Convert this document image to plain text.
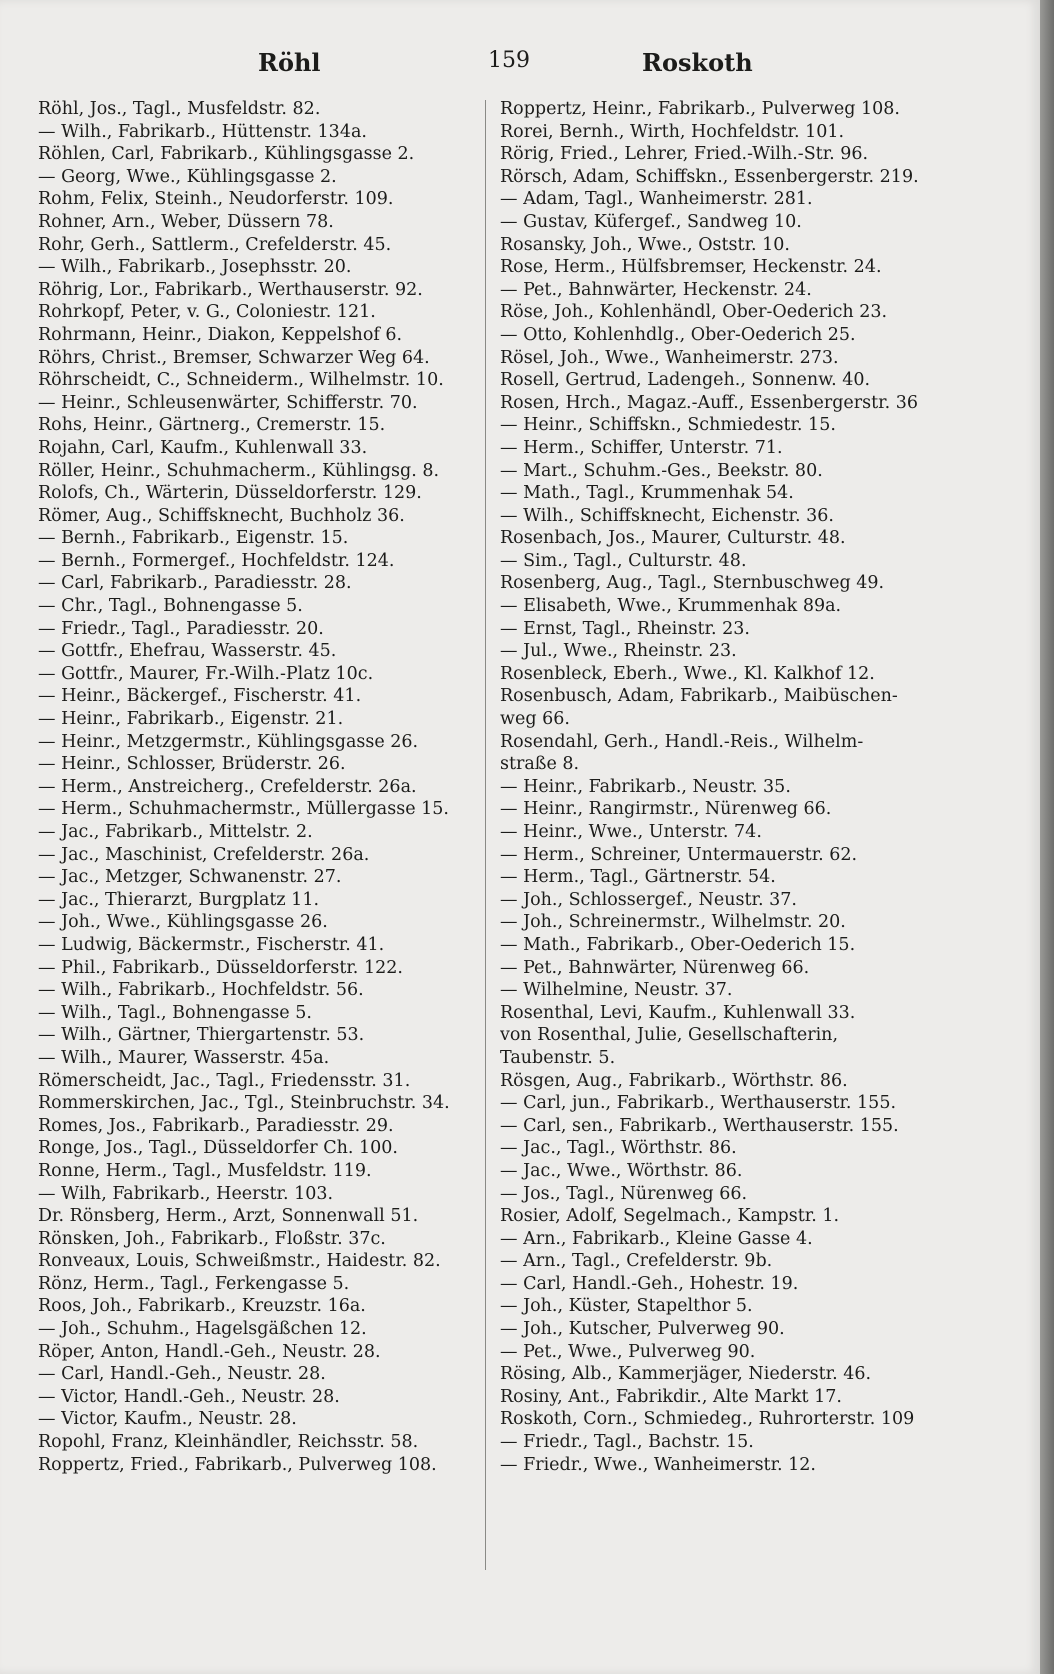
Röhl	159	Roskoth
Röhl, Jos., Tagl., Musfeldstr. 82.
— Wilh., Fabrikarb., Hüttenstr. 134a.
Röhlen, Carl, Fabrikarb., Kühlingsgasse 2.
— Georg, Wwe., Kühlingsgasse 2.
Rohm, Felix, Steinh., Neudorferstr. 109.
Rohner, Arn., Weber, Düssern 78.
Rohr, Gerh., Sattlerm., Crefelderstr. 45.
— Wilh., Fabrikarb., Josephsstr. 20.
Röhrig, Lor., Fabrikarb., Werthauserstr. 92.
Rohrkopf, Peter, v. G., Coloniestr. 121.
Rohrmann, Heinr., Diakon, Keppelshof 6.
Röhrs, Christ., Bremser, Schwarzer Weg 64.
Röhrscheidt, C., Schneiderm., Wilhelmstr. 10.
— Heinr., Schleusenwärter, Schifferstr. 70.
Rohs, Heinr., Gärtnerg., Cremerstr. 15.
Rojahn, Carl, Kaufm., Kuhlenwall 33.
Röller, Heinr., Schuhmacherm., Kühlingsg. 8.
Rolofs, Ch., Wärterin, Düsseldorferstr. 129.
Römer, Aug., Schiffsknecht, Buchholz 36.
— Bernh., Fabrikarb., Eigenstr. 15.
— Bernh., Formergef., Hochfeldstr. 124.
— Carl, Fabrikarb., Paradiesstr. 28.
— Chr., Tagl., Bohnengasse 5.
— Friedr., Tagl., Paradiesstr. 20.
— Gottfr., Ehefrau, Wasserstr. 45.
— Gottfr., Maurer, Fr.-Wilh.-Platz 10c.
— Heinr., Bäckergef., Fischerstr. 41.
— Heinr., Fabrikarb., Eigenstr. 21.
— Heinr., Metzgermstr., Kühlingsgasse 26.
— Heinr., Schlosser, Brüderstr. 26.
— Herm., Anstreicherg., Crefelderstr. 26a.
— Herm., Schuhmachermstr., Müllergasse 15.
— Jac., Fabrikarb., Mittelstr. 2.
— Jac., Maschinist, Crefelderstr. 26a.
— Jac., Metzger, Schwanenstr. 27.
— Jac., Thierarzt, Burgplatz 11.
— Joh., Wwe., Kühlingsgasse 26.
— Ludwig, Bäckermstr., Fischerstr. 41.
— Phil., Fabrikarb., Düsseldorferstr. 122.
— Wilh., Fabrikarb., Hochfeldstr. 56.
— Wilh., Tagl., Bohnengasse 5.
— Wilh., Gärtner, Thiergartenstr. 53.
— Wilh., Maurer, Wasserstr. 45a.
Römerscheidt, Jac., Tagl., Friedensstr. 31.
Rommerskirchen, Jac., Tgl., Steinbruchstr. 34.
Romes, Jos., Fabrikarb., Paradiesstr. 29.
Ronge, Jos., Tagl., Düsseldorfer Ch. 100.
Ronne, Herm., Tagl., Musfeldstr. 119.
— Wilh, Fabrikarb., Heerstr. 103.
Dr. Rönsberg, Herm., Arzt, Sonnenwall 51.
Rönsken, Joh., Fabrikarb., Floßstr. 37c.
Ronveaux, Louis, Schweißmstr., Haidestr. 82.
Rönz, Herm., Tagl., Ferkengasse 5.
Roos, Joh., Fabrikarb., Kreuzstr. 16a.
— Joh., Schuhm., Hagelsgäßchen 12.
Röper, Anton, Handl.-Geh., Neustr. 28.
— Carl, Handl.-Geh., Neustr. 28.
— Victor, Handl.-Geh., Neustr. 28.
— Victor, Kaufm., Neustr. 28.
Ropohl, Franz, Kleinhändler, Reichsstr. 58.
Roppertz, Fried., Fabrikarb., Pulverweg 108.
Roppertz, Heinr., Fabrikarb., Pulverweg 108.
Rorei, Bernh., Wirth, Hochfeldstr. 101.
Rörig, Fried., Lehrer, Fried.-Wilh.-Str. 96.
Rörsch, Adam, Schiffskn., Essenbergerstr. 219.
— Adam, Tagl., Wanheimerstr. 281.
— Gustav, Küfergef., Sandweg 10.
Rosansky, Joh., Wwe., Oststr. 10.
Rose, Herm., Hülfsbremser, Heckenstr. 24.
— Pet., Bahnwärter, Heckenstr. 24.
Röse, Joh., Kohlenhändl, Ober-Oederich 23.
— Otto, Kohlenhdlg., Ober-Oederich 25.
Rösel, Joh., Wwe., Wanheimerstr. 273.
Rosell, Gertrud, Ladengeh., Sonnenw. 40.
Rosen, Hrch., Magaz.-Auff., Essenbergerstr. 36
— Heinr., Schiffskn., Schmiedestr. 15.
— Herm., Schiffer, Unterstr. 71.
— Mart., Schuhm.-Ges., Beekstr. 80.
— Math., Tagl., Krummenhak 54.
— Wilh., Schiffsknecht, Eichenstr. 36.
Rosenbach, Jos., Maurer, Culturstr. 48.
— Sim., Tagl., Culturstr. 48.
Rosenberg, Aug., Tagl., Sternbuschweg 49.
— Elisabeth, Wwe., Krummenhak 89a.
— Ernst, Tagl., Rheinstr. 23.
— Jul., Wwe., Rheinstr. 23.
Rosenbleck, Eberh., Wwe., Kl. Kalkhof 12.
Rosenbusch, Adam, Fabrikarb., Maibüschen-
weg 66.
Rosendahl, Gerh., Handl.-Reis., Wilhelm-
straße 8.
— Heinr., Fabrikarb., Neustr. 35.
— Heinr., Rangirmstr., Nürenweg 66.
— Heinr., Wwe., Unterstr. 74.
— Herm., Schreiner, Untermauerstr. 62.
— Herm., Tagl., Gärtnerstr. 54.
— Joh., Schlossergef., Neustr. 37.
— Joh., Schreinermstr., Wilhelmstr. 20.
— Math., Fabrikarb., Ober-Oederich 15.
— Pet., Bahnwärter, Nürenweg 66.
— Wilhelmine, Neustr. 37.
Rosenthal, Levi, Kaufm., Kuhlenwall 33.
von Rosenthal, Julie, Gesellschafterin,
Taubenstr. 5.
Rösgen, Aug., Fabrikarb., Wörthstr. 86.
— Carl, jun., Fabrikarb., Werthauserstr. 155.
— Carl, sen., Fabrikarb., Werthauserstr. 155.
— Jac., Tagl., Wörthstr. 86.
— Jac., Wwe., Wörthstr. 86.
— Jos., Tagl., Nürenweg 66.
Rosier, Adolf, Segelmach., Kampstr. 1.
— Arn., Fabrikarb., Kleine Gasse 4.
— Arn., Tagl., Crefelderstr. 9b.
— Carl, Handl.-Geh., Hohestr. 19.
— Joh., Küster, Stapelthor 5.
— Joh., Kutscher, Pulverweg 90.
— Pet., Wwe., Pulverweg 90.
Rösing, Alb., Kammerjäger, Niederstr. 46.
Rosiny, Ant., Fabrikdir., Alte Markt 17.
Roskoth, Corn., Schmiedeg., Ruhrorterstr. 109
— Friedr., Tagl., Bachstr. 15.
— Friedr., Wwe., Wanheimerstr. 12.
